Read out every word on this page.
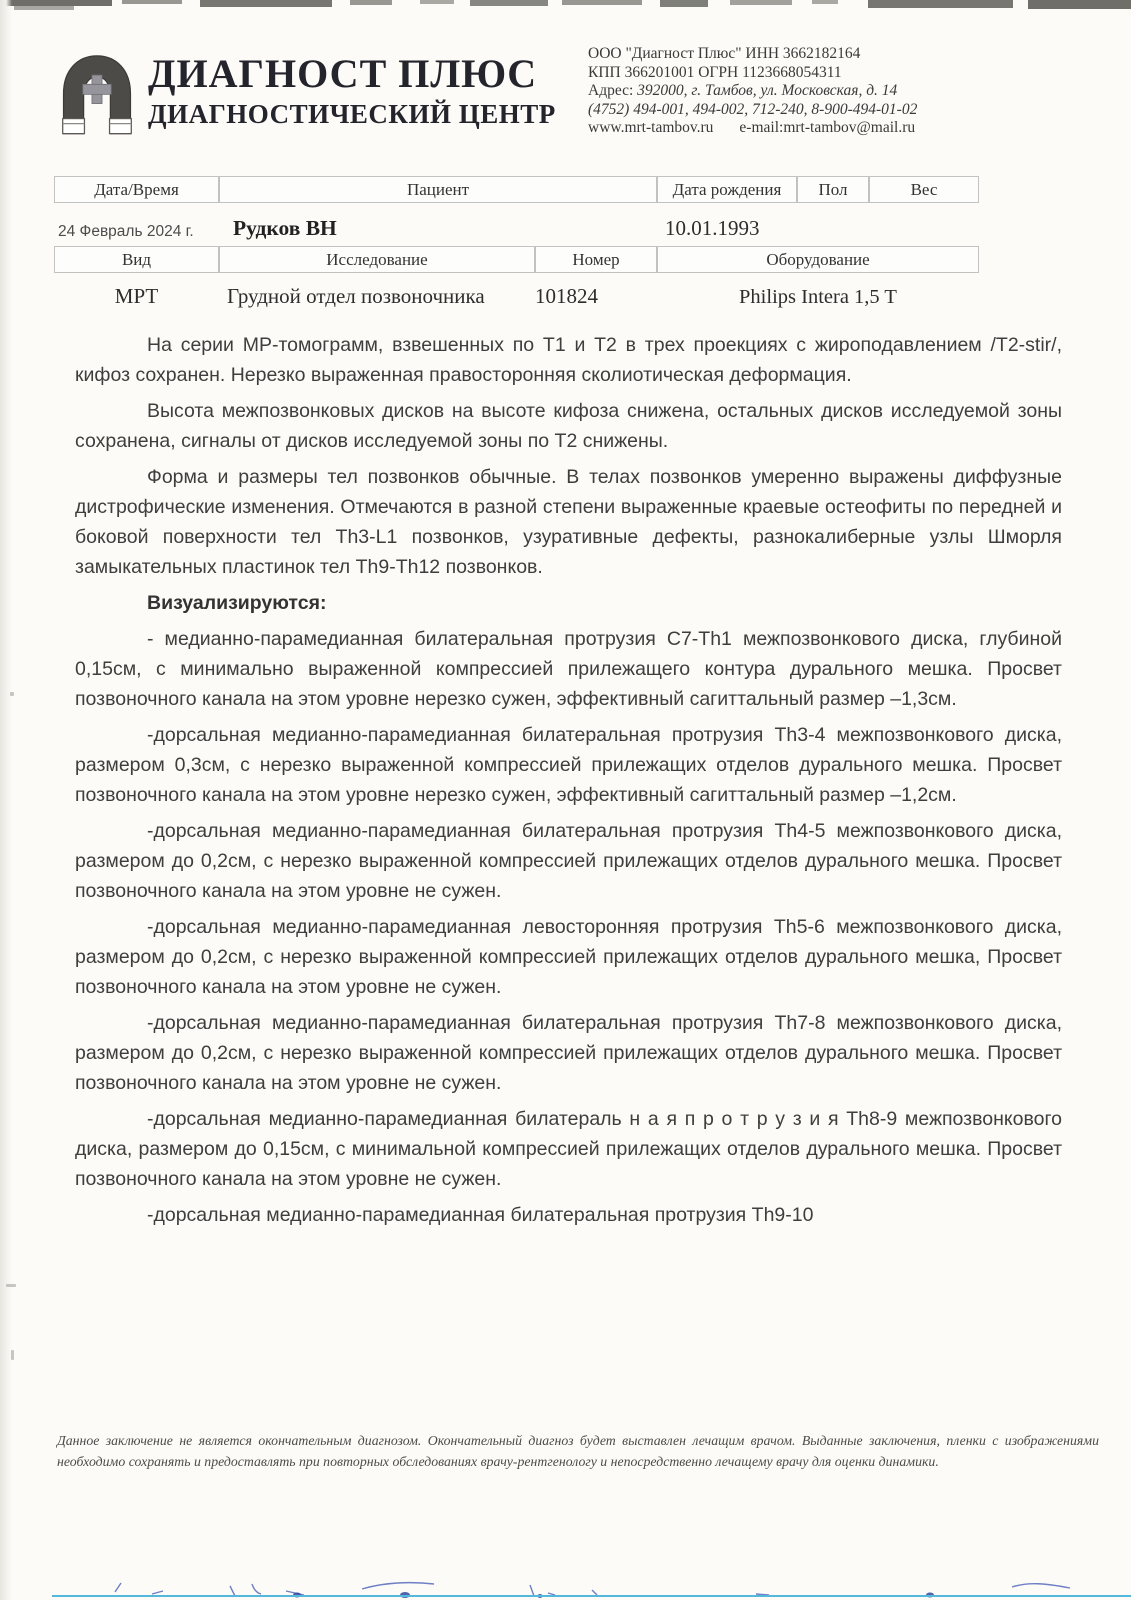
ДИАГНОСТ ПЛЮС
ДИАГНОСТИЧЕСКИЙ ЦЕНТР
ООО "Диагност Плюс" ИНН 3662182164
КПП 366201001 ОГРН 1123668054311
Адрес: 392000, г. Тамбов, ул. Московская, д. 14
(4752) 494-001, 494-002, 712-240, 8-900-494-01-02
www.mrt-tambov.ru e-mail:mrt-tambov@mail.ru
Дата/Время	Пациент	Дата рождения	Пол	Вес
24 Февраль 2024 г.	Рудков ВН	10.01.1993
Вид	Исследование	Номер	Оборудование
МРТ	Грудной отдел позвоночника	101824	Philips Intera 1,5 T

На серии МР-томограмм, взвешенных по Т1 и Т2 в трех проекциях с жироподавлением /T2-stir/, кифоз сохранен. Нерезко выраженная правосторонняя сколиотическая деформация.

Высота межпозвонковых дисков на высоте кифоза снижена, остальных дисков исследуемой зоны сохранена, сигналы от дисков исследуемой зоны по Т2 снижены.

Форма и размеры тел позвонков обычные. В телах позвонков умеренно выражены диффузные дистрофические изменения. Отмечаются в разной степени выраженные краевые остеофиты по передней и боковой поверхности тел Th3-L1 позвонков, узуративные дефекты, разнокалиберные узлы Шморля замыкательных пластинок тел Th9-Th12 позвонков.

Визуализируются:

- медианно-парамедианная билатеральная протрузия С7-Th1 межпозвонкового диска, глубиной 0,15см, с минимально выраженной компрессией прилежащего контура дурального мешка. Просвет позвоночного канала на этом уровне нерезко сужен, эффективный сагиттальный размер –1,3см.

-дорсальная медианно-парамедианная билатеральная протрузия Th3-4 межпозвонкового диска, размером 0,3см, с нерезко выраженной компрессией прилежащих отделов дурального мешка. Просвет позвоночного канала на этом уровне нерезко сужен, эффективный сагиттальный размер –1,2см.

-дорсальная медианно-парамедианная билатеральная протрузия Th4-5 межпозвонкового диска, размером до 0,2см, с нерезко выраженной компрессией прилежащих отделов дурального мешка. Просвет позвоночного канала на этом уровне не сужен.

-дорсальная медианно-парамедианная левосторонняя протрузия Th5-6 межпозвонкового диска, размером до 0,2см, с нерезко выраженной компрессией прилежащих отделов дурального мешка, Просвет позвоночного канала на этом уровне не сужен.

-дорсальная медианно-парамедианная билатеральная протрузия Th7-8 межпозвонкового диска, размером до 0,2см, с нерезко выраженной компрессией прилежащих отделов дурального мешка. Просвет позвоночного канала на этом уровне не сужен.

-дорсальная медианно-парамедианная билатераль н а я п р о т р у з и я Th8-9 межпозвонкового диска, размером до 0,15см, с минимальной компрессией прилежащих отделов дурального мешка. Просвет позвоночного канала на этом уровне не сужен.

-дорсальная медианно-парамедианная билатеральная протрузия Th9-10

Данное заключение не является окончательным диагнозом. Окончательный диагноз будет выставлен лечащим врачом. Выданные заключения, пленки с изображениями необходимо сохранять и предоставлять при повторных обследованиях врачу-рентгенологу и непосредственно лечащему врачу для оценки динамики.
